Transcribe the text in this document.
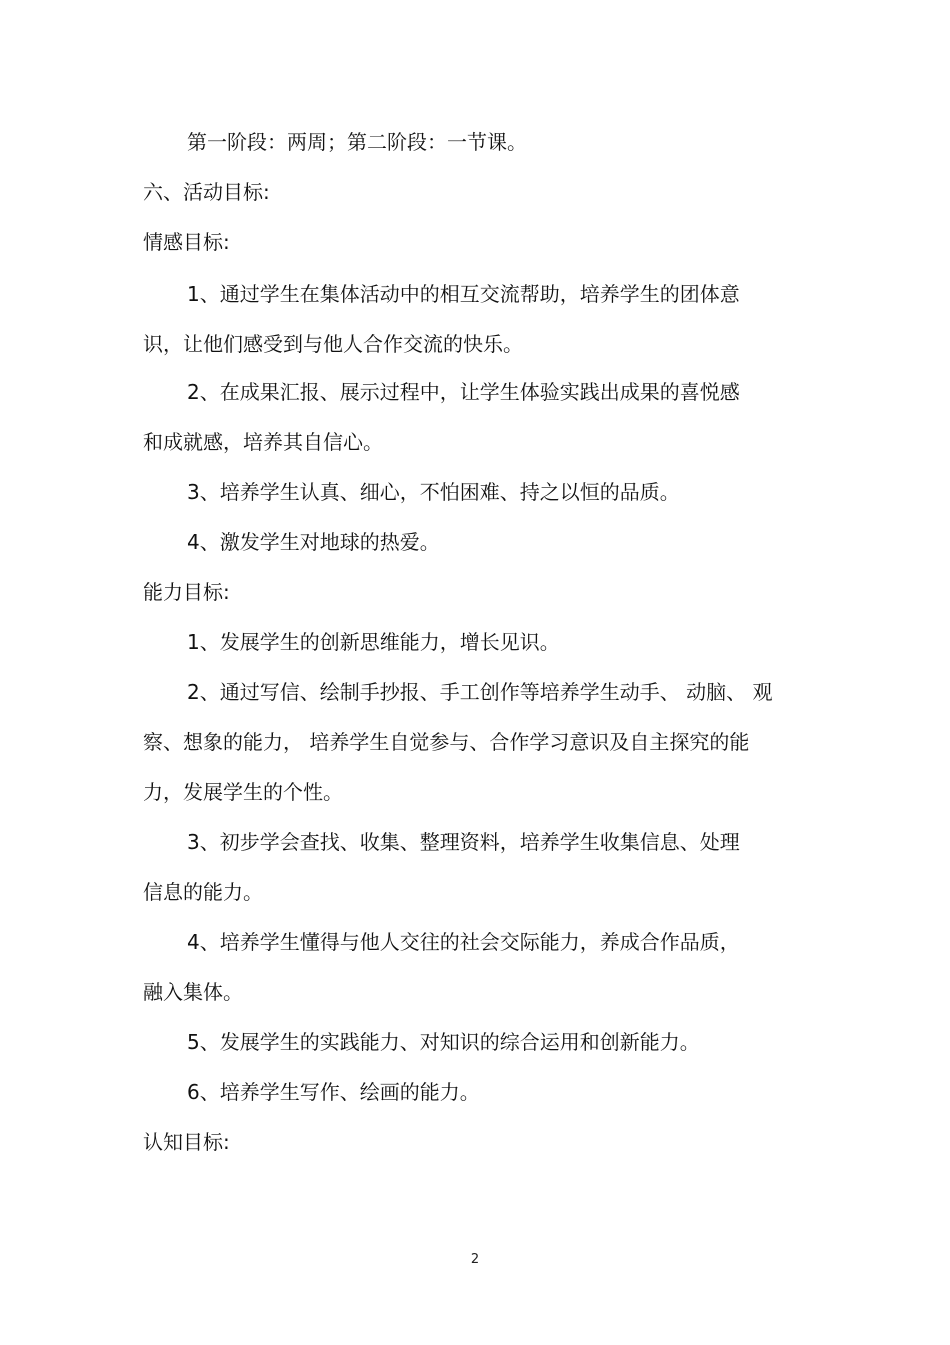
第一阶段：两周；第二阶段：一节课。

六、活动目标:

情感目标:

1、通过学生在集体活动中的相互交流帮助，培养学生的团体意

识，让他们感受到与他人合作交流的快乐。

2、在成果汇报、展示过程中，让学生体验实践出成果的喜悦感

和成就感，培养其自信心。

3、培养学生认真、细心，不怕困难、持之以恒的品质。

4、激发学生对地球的热爱。

能力目标:

1、发展学生的创新思维能力，增长见识。

2、通过写信、绘制手抄报、手工创作等培养学生动手、 动脑、 观

察、想象的能力， 培养学生自觉参与、合作学习意识及自主探究的能

力，发展学生的个性。

3、初步学会查找、收集、整理资料，培养学生收集信息、处理

信息的能力。

4、培养学生懂得与他人交往的社会交际能力，养成合作品质，

融入集体。

5、发展学生的实践能力、对知识的综合运用和创新能力。

6、培养学生写作、绘画的能力。

认知目标:

2
